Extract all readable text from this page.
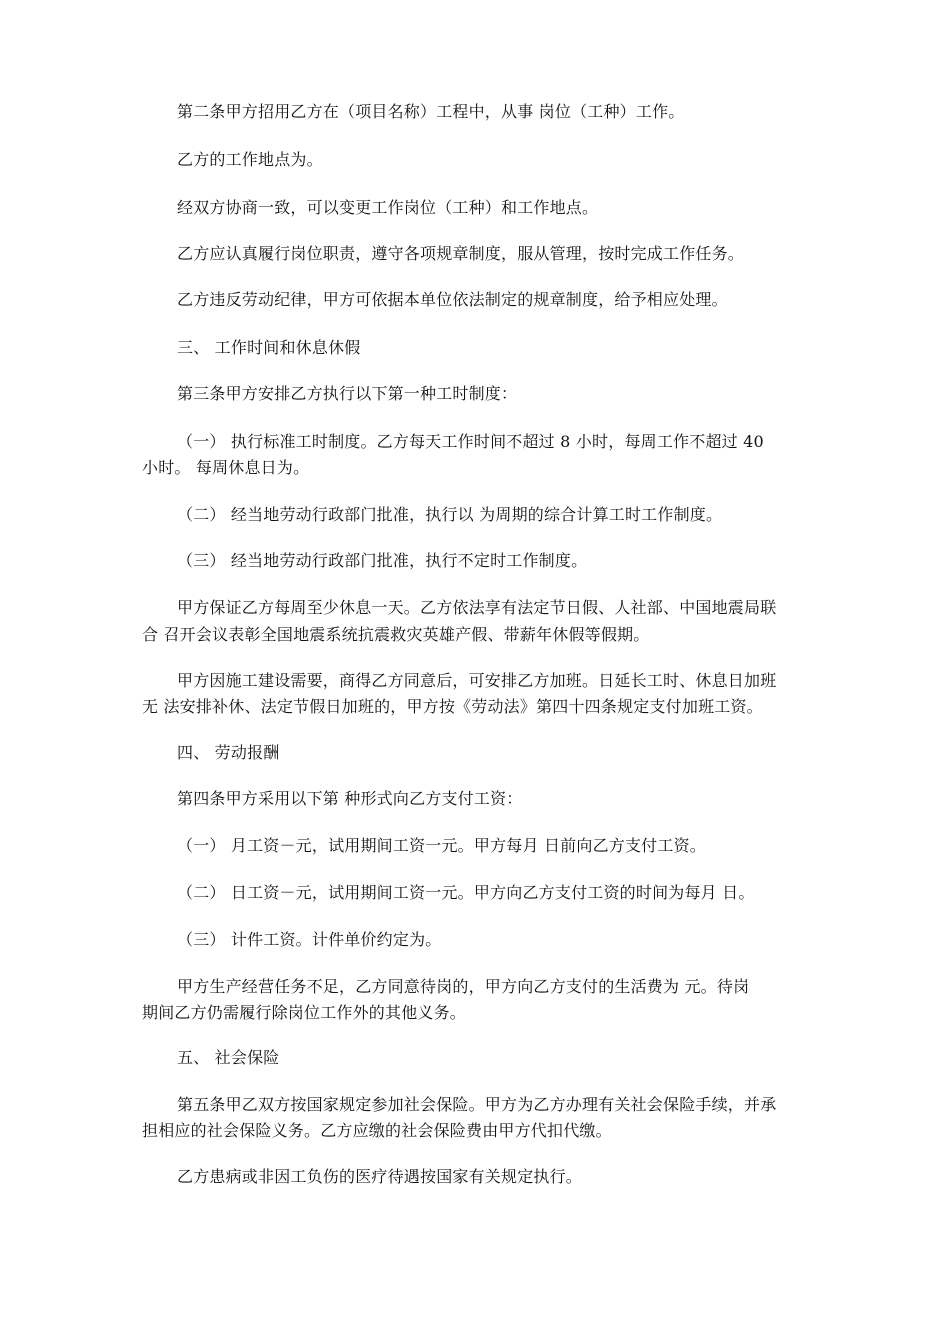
第二条甲方招用乙方在（项目名称）工程中，从事 岗位（工种）工作。
乙方的工作地点为。
经双方协商一致，可以变更工作岗位（工种）和工作地点。
乙方应认真履行岗位职责，遵守各项规章制度，服从管理，按时完成工作任务。
乙方违反劳动纪律，甲方可依据本单位依法制定的规章制度，给予相应处理。
三、 工作时间和休息休假
第三条甲方安排乙方执行以下第一种工时制度：
（一） 执行标准工时制度。乙方每天工作时间不超过 8 小时，每周工作不超过 40
小时。 每周休息日为。
（二） 经当地劳动行政部门批准，执行以 为周期的综合计算工时工作制度。
（三） 经当地劳动行政部门批准，执行不定时工作制度。
甲方保证乙方每周至少休息一天。乙方依法享有法定节日假、人社部、中国地震局联
合 召开会议表彰全国地震系统抗震救灾英雄产假、带薪年休假等假期。
甲方因施工建设需要，商得乙方同意后，可安排乙方加班。日延长工时、休息日加班
无 法安排补休、法定节假日加班的，甲方按《劳动法》第四十四条规定支付加班工资。
四、 劳动报酬
第四条甲方采用以下第 种形式向乙方支付工资：
（一） 月工资－元，试用期间工资一元。甲方每月 日前向乙方支付工资。
（二） 日工资－元，试用期间工资一元。甲方向乙方支付工资的时间为每月 日。
（三） 计件工资。计件单价约定为。
甲方生产经营任务不足，乙方同意待岗的，甲方向乙方支付的生活费为 元。待岗
期间乙方仍需履行除岗位工作外的其他义务。
五、 社会保险
第五条甲乙双方按国家规定参加社会保险。甲方为乙方办理有关社会保险手续，并承
担相应的社会保险义务。乙方应缴的社会保险费由甲方代扣代缴。
乙方患病或非因工负伤的医疗待遇按国家有关规定执行。
